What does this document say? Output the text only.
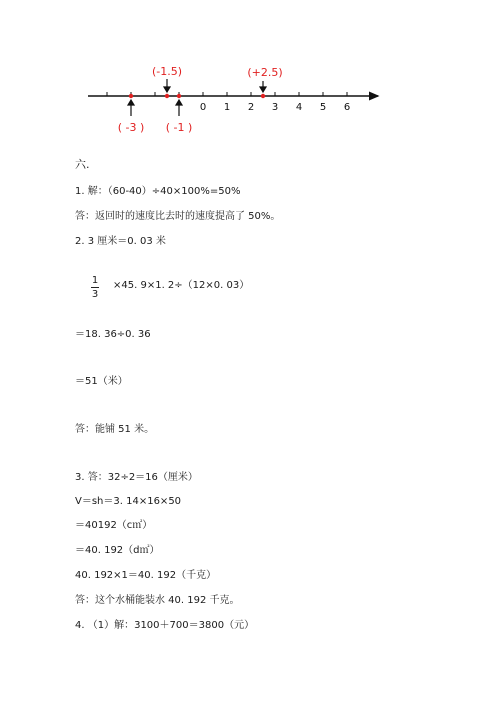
0 1 2 3 4 5 6
(-1.5)	(+2.5)
( -3 ) ( -1 )
六.
1. 解：（60-40）÷40×100%=50%
答：返回时的速度比去时的速度提高了 50%。
2. 3 厘米＝0. 03 米
1
3
×45. 9×1. 2÷（12×0. 03）
＝18. 36÷0. 36
＝51（米）
答：能铺 51 米。
3. 答：32÷2＝16（厘米）
V＝sh＝3. 14×16×50
＝40192（c㎡）
＝40. 192（d㎡）
40. 192×1＝40. 192（千克）
答：这个水桶能装水 40. 192 千克。
4. （1）解：3100＋700＝3800（元）
